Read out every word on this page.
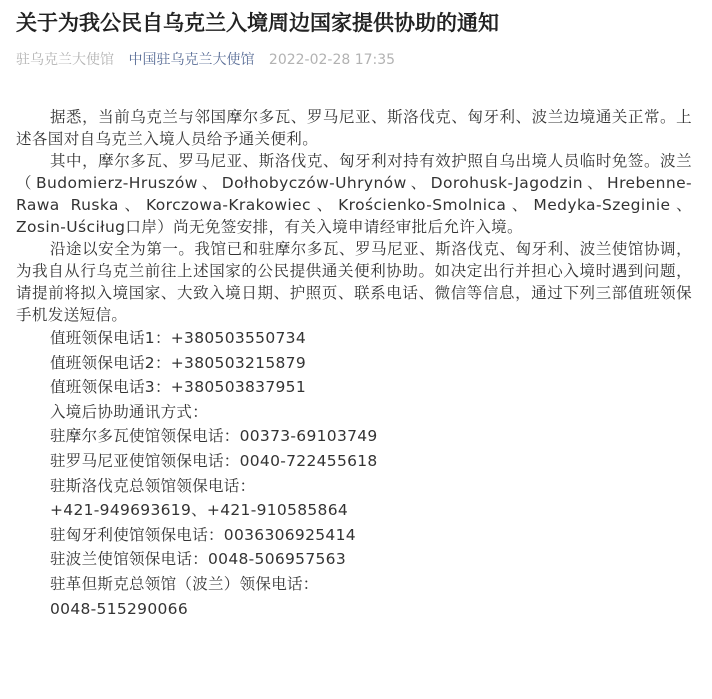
关于为我公民自乌克兰入境周边国家提供协助的通知
驻乌克兰大使馆 中国驻乌克兰大使馆 2022-02-28 17:35

据悉，当前乌克兰与邻国摩尔多瓦、罗马尼亚、斯洛伐克、匈牙利、波兰边境通关正常。上述各国对自乌克兰入境人员给予通关便利。

其中，摩尔多瓦、罗马尼亚、斯洛伐克、匈牙利对持有效护照自乌出境人员临时免签。波兰（Budomierz-Hruszów、Dołhobyczów-Uhrynów、Dorohusk-Jagodzin、Hrebenne-Rawa Ruska、Korczowa-Krakowiec、Krościenko-Smolnica、Medyka-Szeginie、Zosin-Uściług口岸）尚无免签安排，有关入境申请经审批后允许入境。

沿途以安全为第一。我馆已和驻摩尔多瓦、罗马尼亚、斯洛伐克、匈牙利、波兰使馆协调，为我自从行乌克兰前往上述国家的公民提供通关便利协助。如决定出行并担心入境时遇到问题，请提前将拟入境国家、大致入境日期、护照页、联系电话、微信等信息，通过下列三部值班领保手机发送短信。

值班领保电话1：+380503550734

值班领保电话2：+380503215879

值班领保电话3：+380503837951

入境后协助通讯方式：

驻摩尔多瓦使馆领保电话：00373-69103749

驻罗马尼亚使馆领保电话：0040-722455618

驻斯洛伐克总领馆领保电话：

+421-949693619、+421-910585864

驻匈牙利使馆领保电话：0036306925414

驻波兰使馆领保电话：0048-506957563

驻革但斯克总领馆（波兰）领保电话：

0048-515290066
